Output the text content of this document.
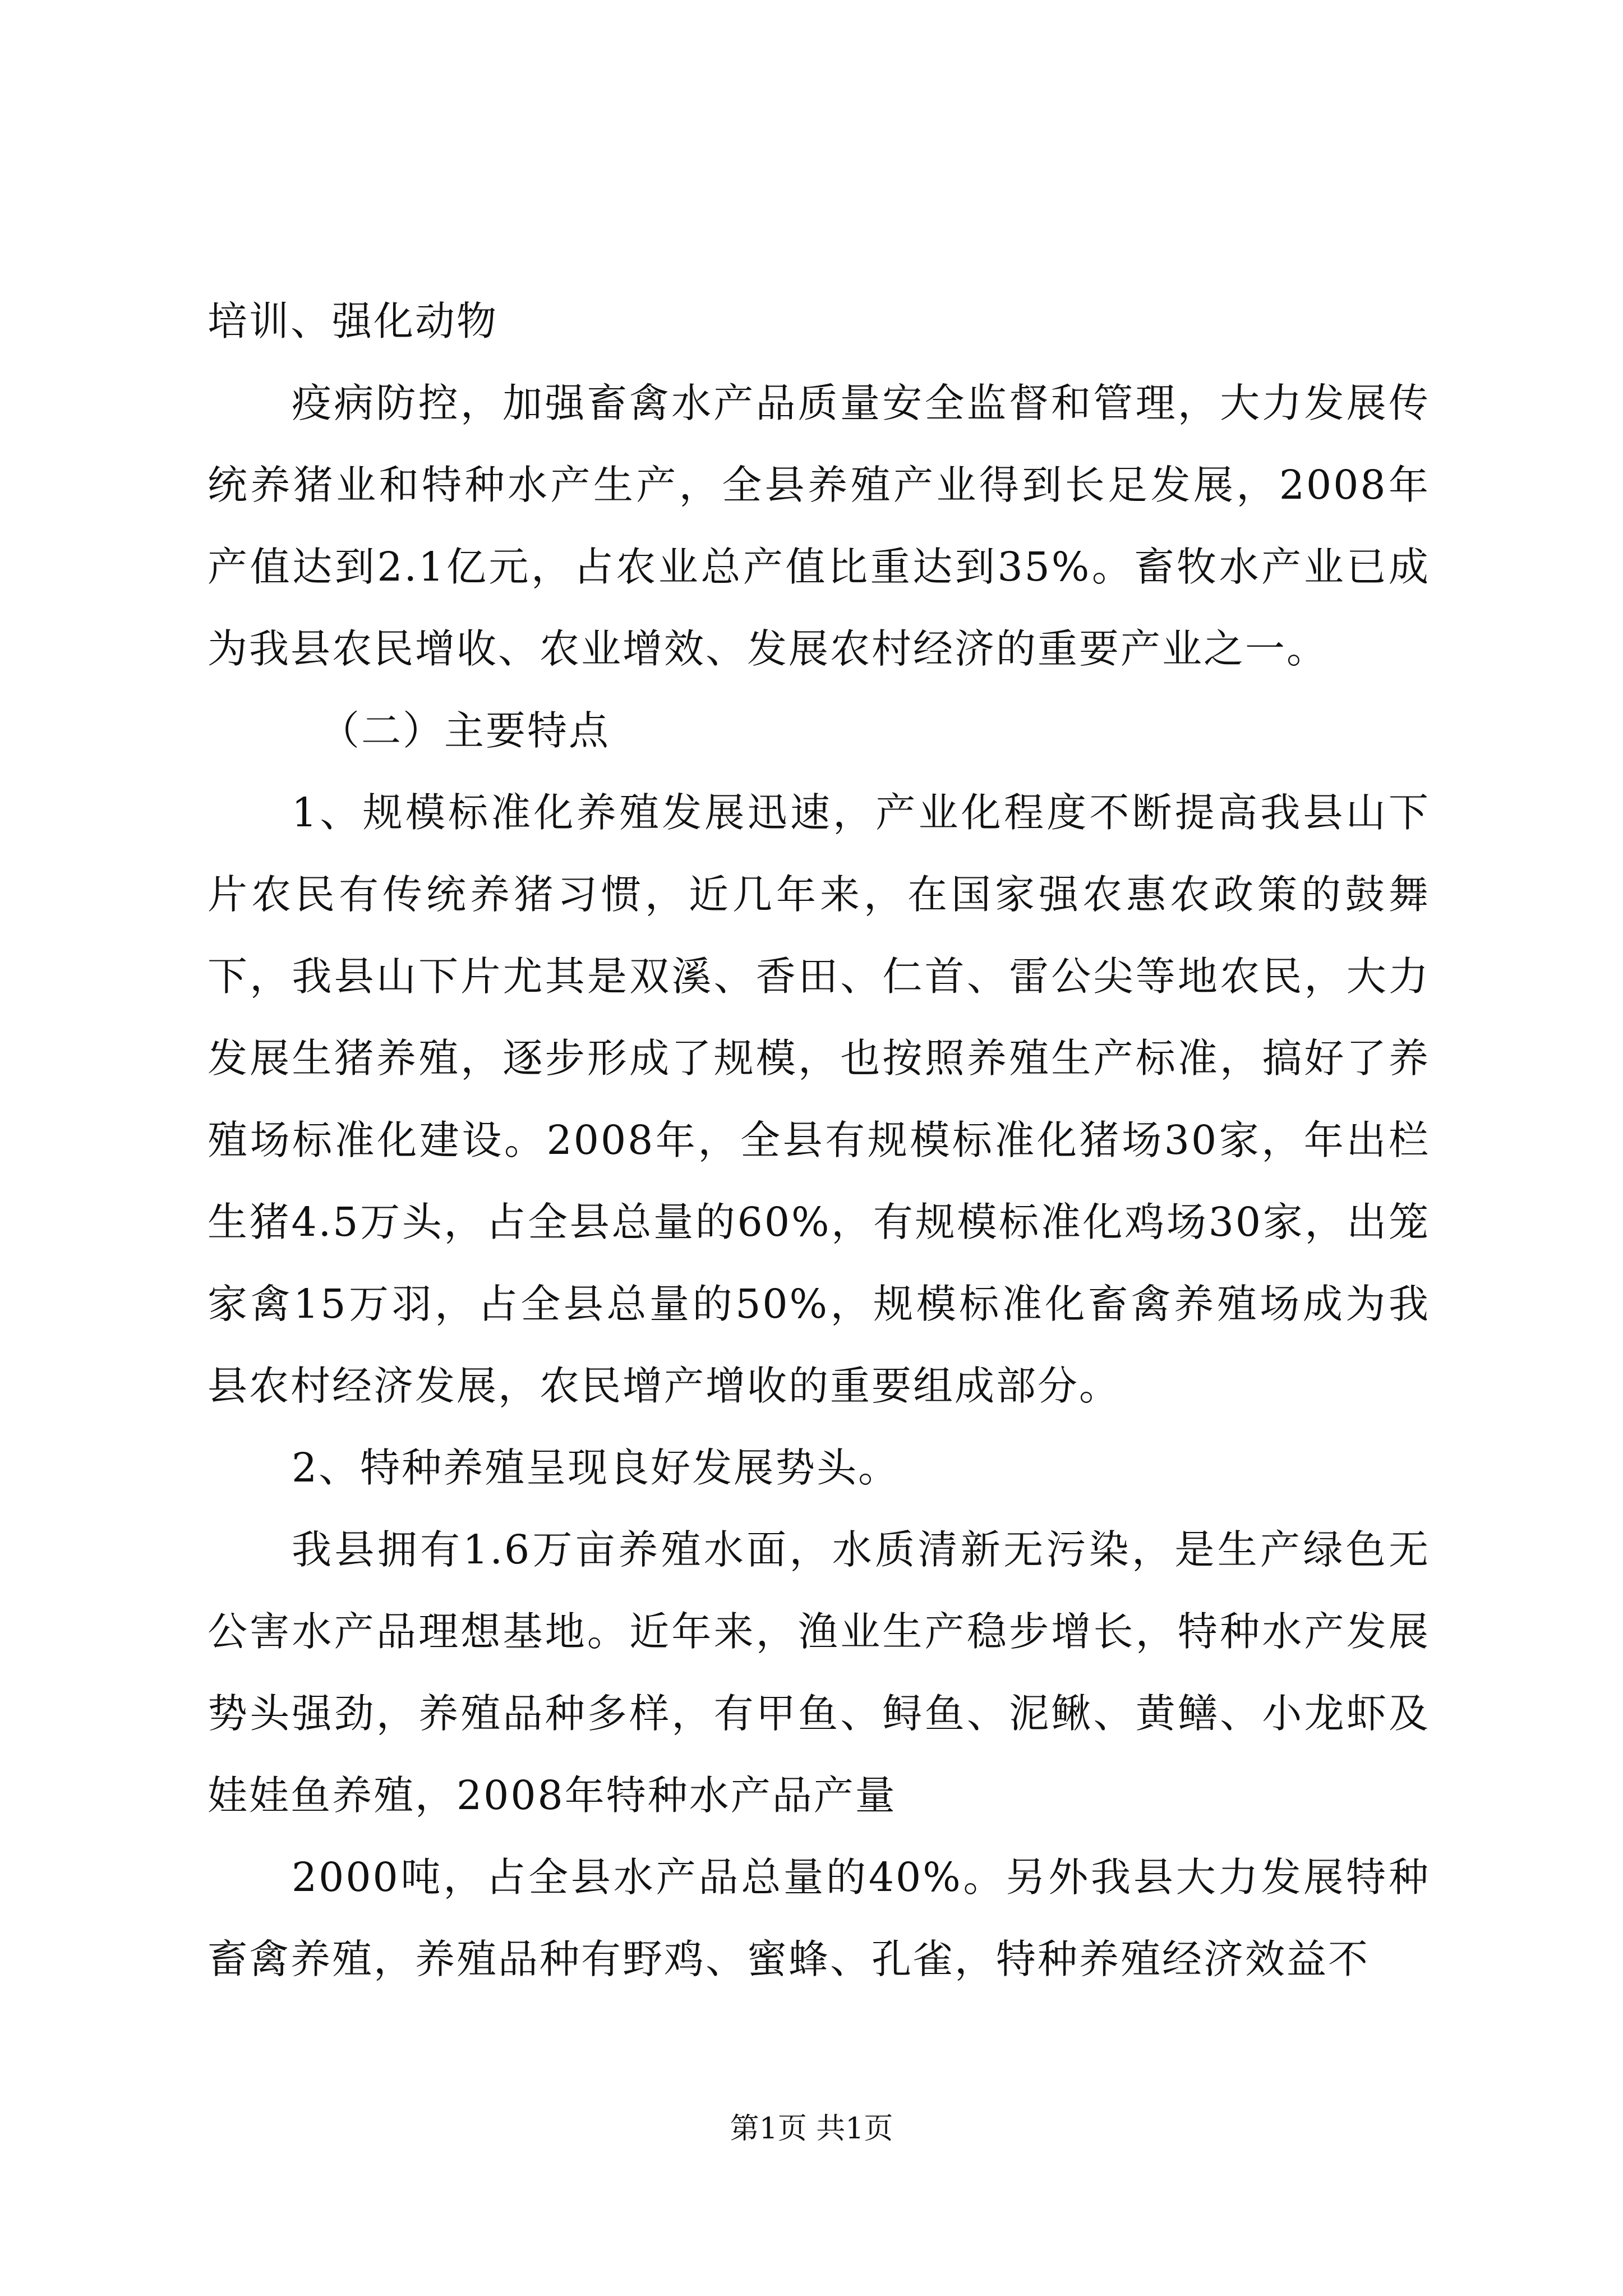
培训、强化动物

疫病防控，加强畜禽水产品质量安全监督和管理，大力发展传统养猪业和特种水产生产，全县养殖产业得到长足发展，2008年产值达到2.1亿元，占农业总产值比重达到35%。畜牧水产业已成为我县农民增收、农业增效、发展农村经济的重要产业之一。

（二）主要特点

1、规模标准化养殖发展迅速，产业化程度不断提高我县山下片农民有传统养猪习惯，近几年来，在国家强农惠农政策的鼓舞下，我县山下片尤其是双溪、香田、仁首、雷公尖等地农民，大力发展生猪养殖，逐步形成了规模，也按照养殖生产标准，搞好了养殖场标准化建设。2008年，全县有规模标准化猪场30家，年出栏生猪4.5万头，占全县总量的60%，有规模标准化鸡场30家，出笼家禽15万羽，占全县总量的50%，规模标准化畜禽养殖场成为我县农村经济发展，农民增产增收的重要组成部分。

2、特种养殖呈现良好发展势头。

我县拥有1.6万亩养殖水面，水质清新无污染，是生产绿色无公害水产品理想基地。近年来，渔业生产稳步增长，特种水产发展势头强劲，养殖品种多样，有甲鱼、鲟鱼、泥鳅、黄鳝、小龙虾及娃娃鱼养殖，2008年特种水产品产量

2000吨，占全县水产品总量的40%。另外我县大力发展特种畜禽养殖，养殖品种有野鸡、蜜蜂、孔雀，特种养殖经济效益不

第1页 共1页
